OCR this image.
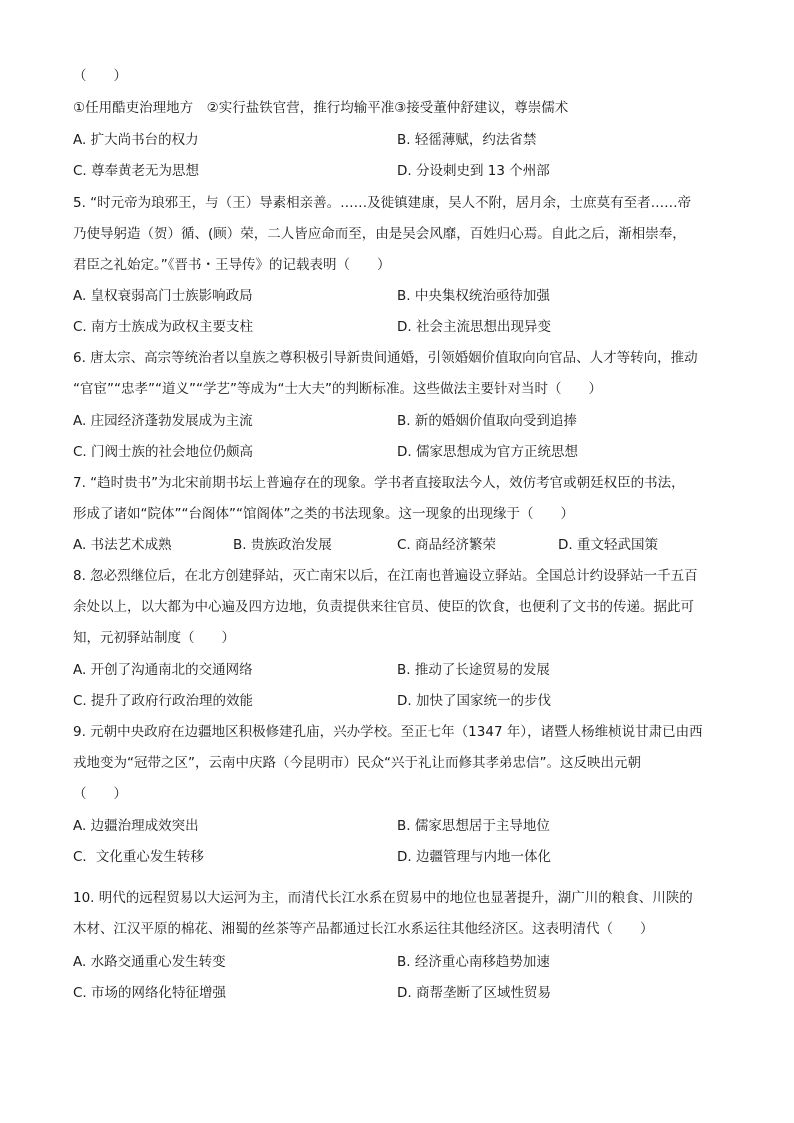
（　　）
①任用酷吏治理地方　②实行盐铁官营，推行均输平准③接受董仲舒建议，尊崇儒术
A. 扩大尚书台的权力	B. 轻徭薄赋，约法省禁
C. 尊奉黄老无为思想	D. 分设刺史到 13 个州部
5. “时元帝为琅邪王，与（王）导素相亲善。……及徙镇建康，吴人不附，居月余，士庶莫有至者……帝
乃使导躬造（贺）循、(顾）荣，二人皆应命而至，由是吴会风靡，百姓归心焉。自此之后，渐相崇奉，
君臣之礼始定。”《晋书・王导传》的记载表明（　　）
A. 皇权衰弱高门士族影响政局	B. 中央集权统治亟待加强
C. 南方士族成为政权主要支柱	D. 社会主流思想出现异变
6. 唐太宗、高宗等统治者以皇族之尊积极引导新贵间通婚，引领婚姻价值取向向官品、人才等转向，推动
“官宦”“忠孝”“道义”“学艺”等成为“士大夫”的判断标准。这些做法主要针对当时（　　）
A. 庄园经济蓬勃发展成为主流	B. 新的婚姻价值取向受到追捧
C. 门阀士族的社会地位仍颇高	D. 儒家思想成为官方正统思想
7. “趋时贵书”为北宋前期书坛上普遍存在的现象。学书者直接取法今人，效仿考官或朝廷权臣的书法，
形成了诸如“院体”“台阁体”“馆阁体”之类的书法现象。这一现象的出现缘于（　　）
A. 书法艺术成熟	B. 贵族政治发展	C. 商品经济繁荣	D. 重文轻武国策
8. 忽必烈继位后，在北方创建驿站，灭亡南宋以后，在江南也普遍设立驿站。全国总计约设驿站一千五百
余处以上，以大都为中心遍及四方边地，负责提供来往官员、使臣的饮食，也便利了文书的传递。据此可
知，元初驿站制度（　　）
A. 开创了沟通南北的交通网络	B. 推动了长途贸易的发展
C. 提升了政府行政治理的效能	D. 加快了国家统一的步伐
9. 元朝中央政府在边疆地区积极修建孔庙，兴办学校。至正七年（1347 年），诸暨人杨维桢说甘肃已由西
戎地变为“冠带之区”，云南中庆路（今昆明市）民众“兴于礼让而修其孝弟忠信”。这反映出元朝
（　　）
A. 边疆治理成效突出	B. 儒家思想居于主导地位
C．文化重心发生转移	D. 边疆管理与内地一体化
10. 明代的远程贸易以大运河为主，而清代长江水系在贸易中的地位也显著提升，湖广川的粮食、川陕的
木材、江汉平原的棉花、湘蜀的丝茶等产品都通过长江水系运往其他经济区。这表明清代（　　）
A. 水路交通重心发生转变	B. 经济重心南移趋势加速
C. 市场的网络化特征增强	D. 商帮垄断了区域性贸易
